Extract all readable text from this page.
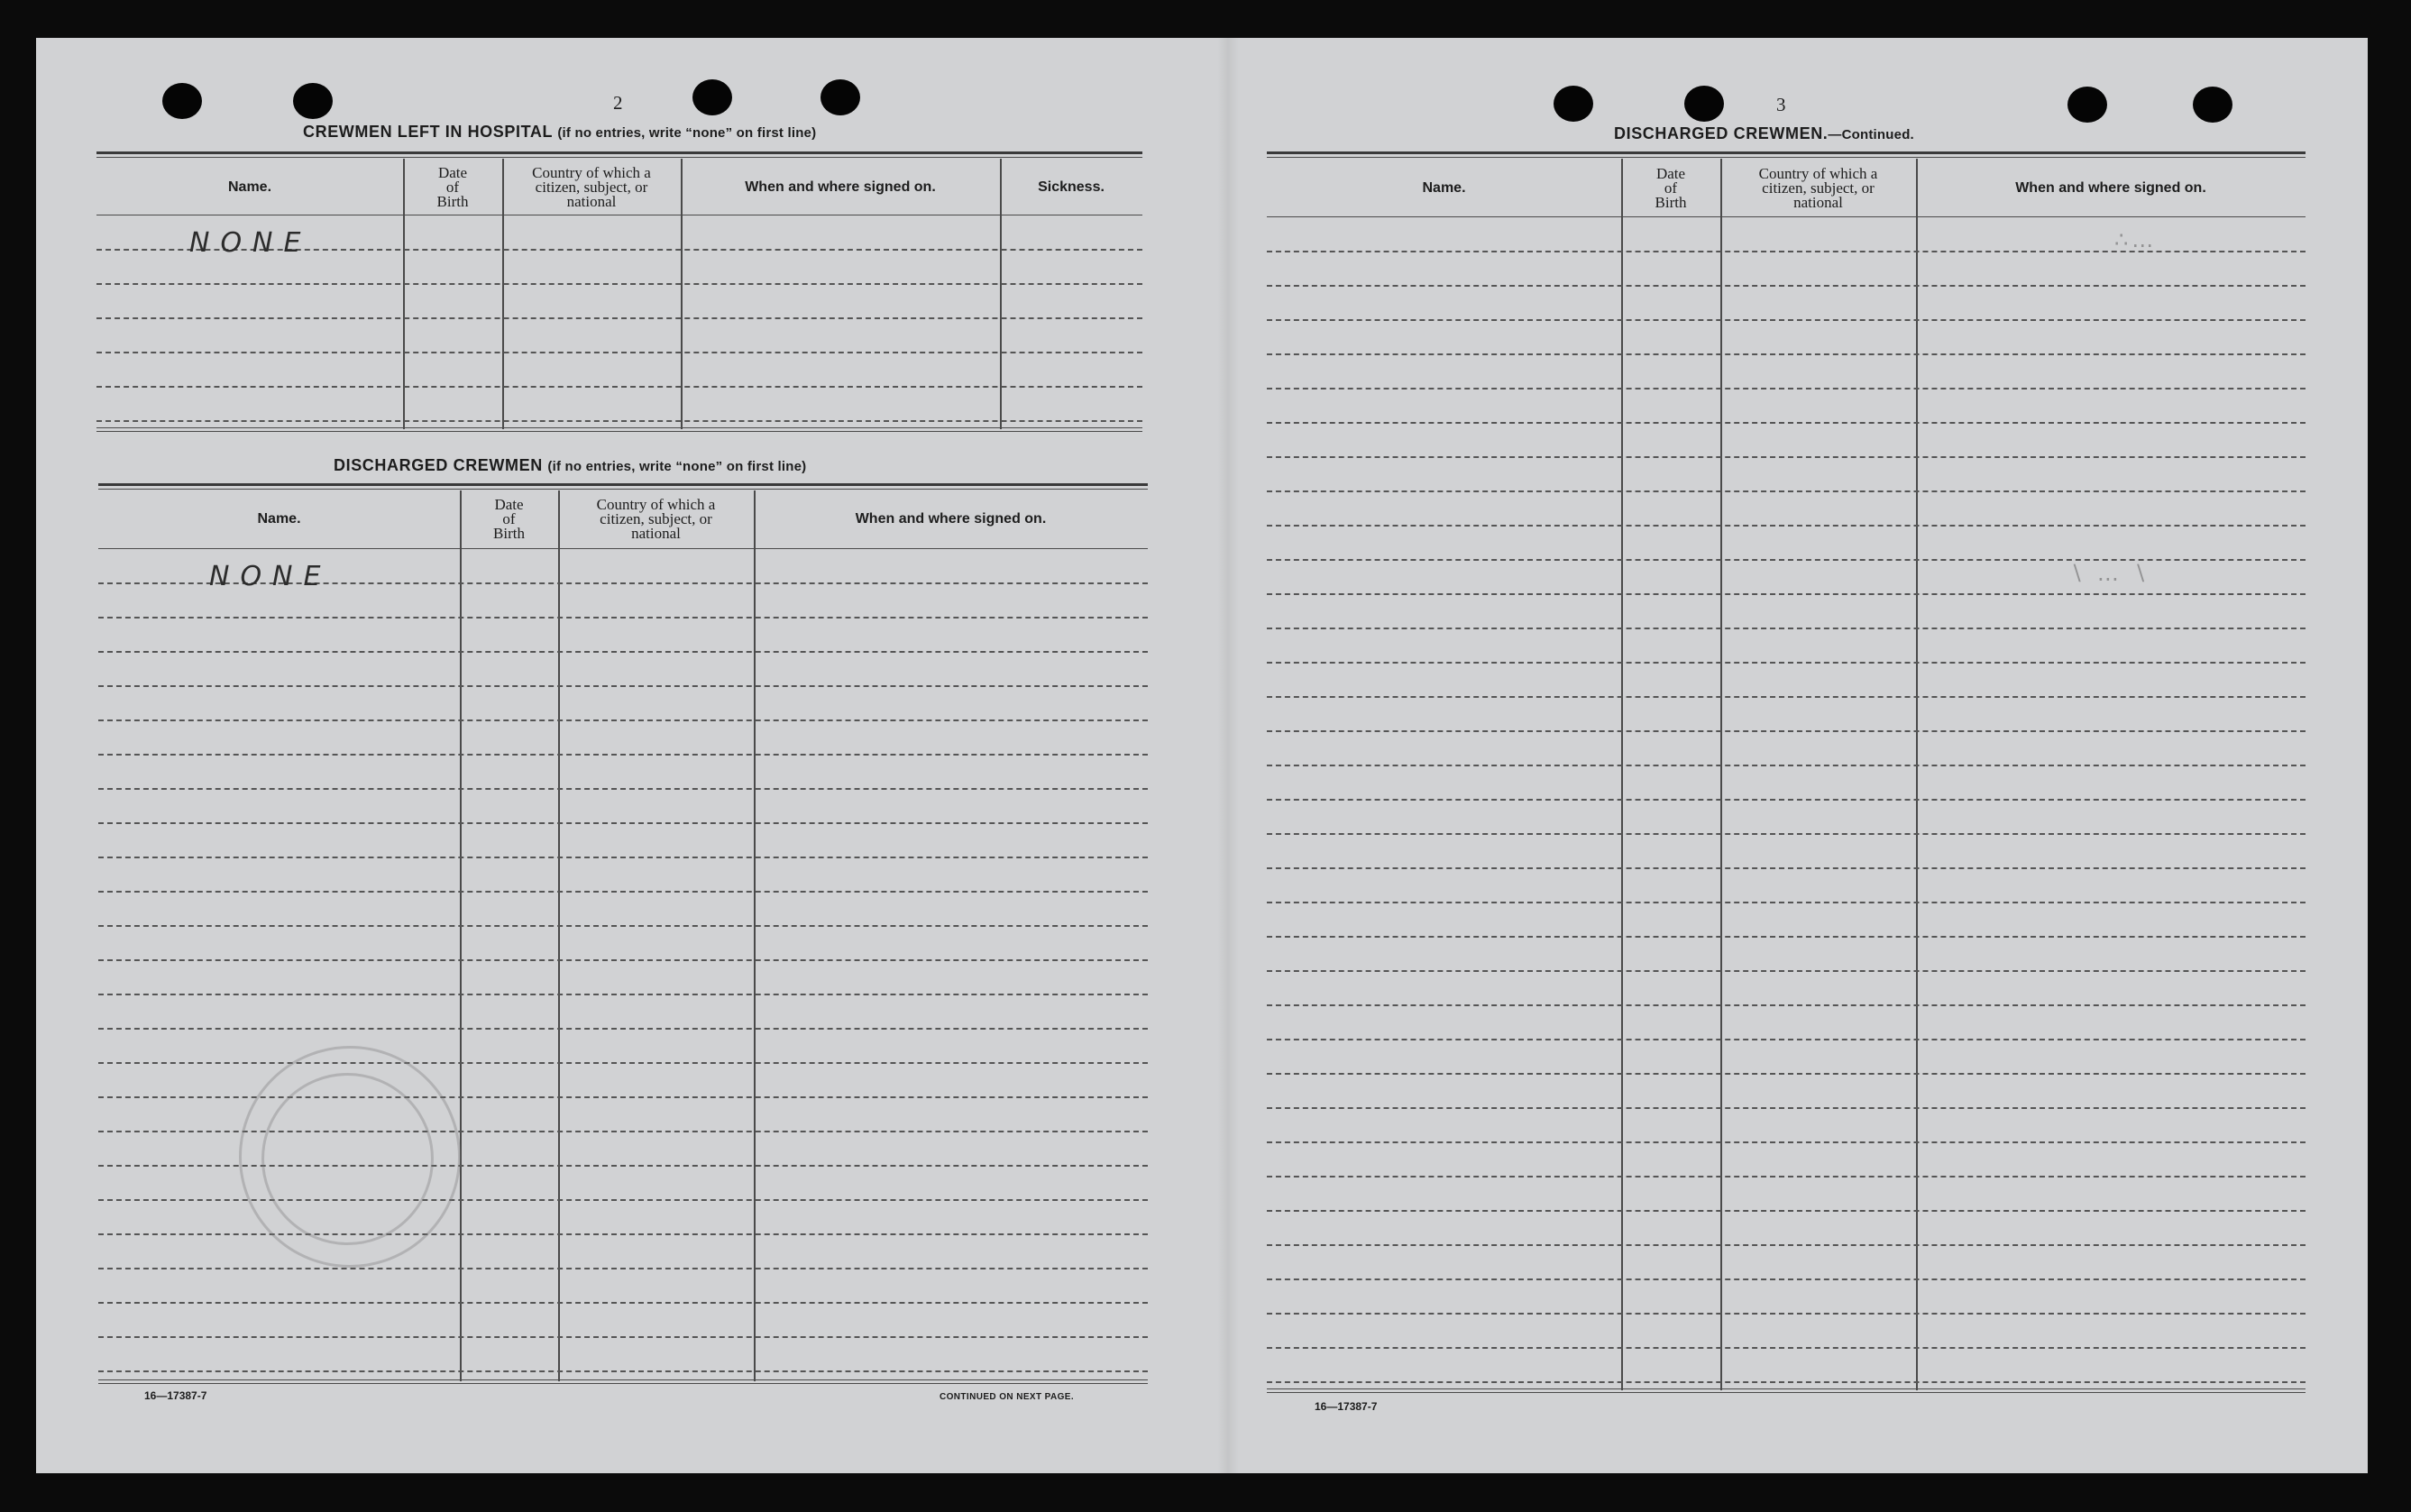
2
CREWMEN LEFT IN HOSPITAL (if no entries, write “none” on first line)
Name.
Date
of
Birth
Country of which a
citizen, subject, or
national
When and where signed on.	Sickness.
NONE
DISCHARGED CREWMEN (if no entries, write “none” on first line)
Name.
Date
of
Birth
Country of which a
citizen, subject, or
national
When and where signed on.
NONE
16—17387-7	CONTINUED ON NEXT PAGE.
3
DISCHARGED CREWMEN.—Continued.
Name.
Date
of
Birth
Country of which a
citizen, subject, or
national
When and where signed on.
∴…
∖ … ∖
16—17387-7
